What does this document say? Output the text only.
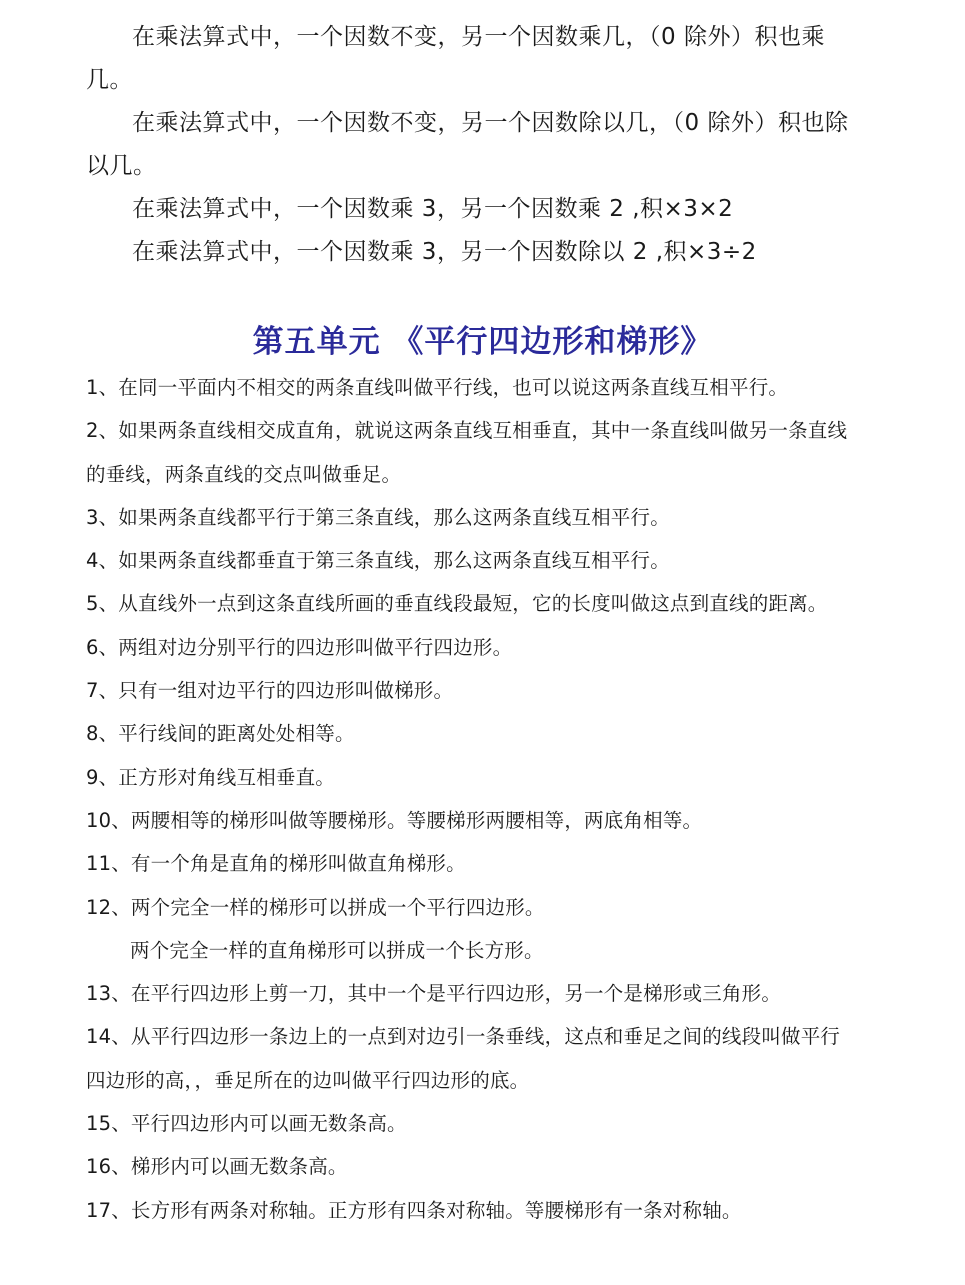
在乘法算式中，一个因数不变，另一个因数乘几，（0 除外）积也乘几。

在乘法算式中，一个因数不变，另一个因数除以几，（0 除外）积也除以几。

在乘法算式中，一个因数乘 3，另一个因数乘 2 ,积×3×2

在乘法算式中，一个因数乘 3，另一个因数除以 2 ,积×3÷2

第五单元 《平行四边形和梯形》
1、在同一平面内不相交的两条直线叫做平行线，也可以说这两条直线互相平行。
2、如果两条直线相交成直角，就说这两条直线互相垂直，其中一条直线叫做另一条直线的垂线，两条直线的交点叫做垂足。
3、如果两条直线都平行于第三条直线，那么这两条直线互相平行。
4、如果两条直线都垂直于第三条直线，那么这两条直线互相平行。
5、从直线外一点到这条直线所画的垂直线段最短，它的长度叫做这点到直线的距离。
6、两组对边分别平行的四边形叫做平行四边形。
7、只有一组对边平行的四边形叫做梯形。
8、平行线间的距离处处相等。
9、正方形对角线互相垂直。
10、两腰相等的梯形叫做等腰梯形。等腰梯形两腰相等，两底角相等。
11、有一个角是直角的梯形叫做直角梯形。
12、两个完全一样的梯形可以拼成一个平行四边形。
两个完全一样的直角梯形可以拼成一个长方形。
13、在平行四边形上剪一刀，其中一个是平行四边形，另一个是梯形或三角形。
14、从平行四边形一条边上的一点到对边引一条垂线，这点和垂足之间的线段叫做平行四边形的高，，垂足所在的边叫做平行四边形的底。
15、平行四边形内可以画无数条高。
16、梯形内可以画无数条高。
17、长方形有两条对称轴。正方形有四条对称轴。等腰梯形有一条对称轴。
